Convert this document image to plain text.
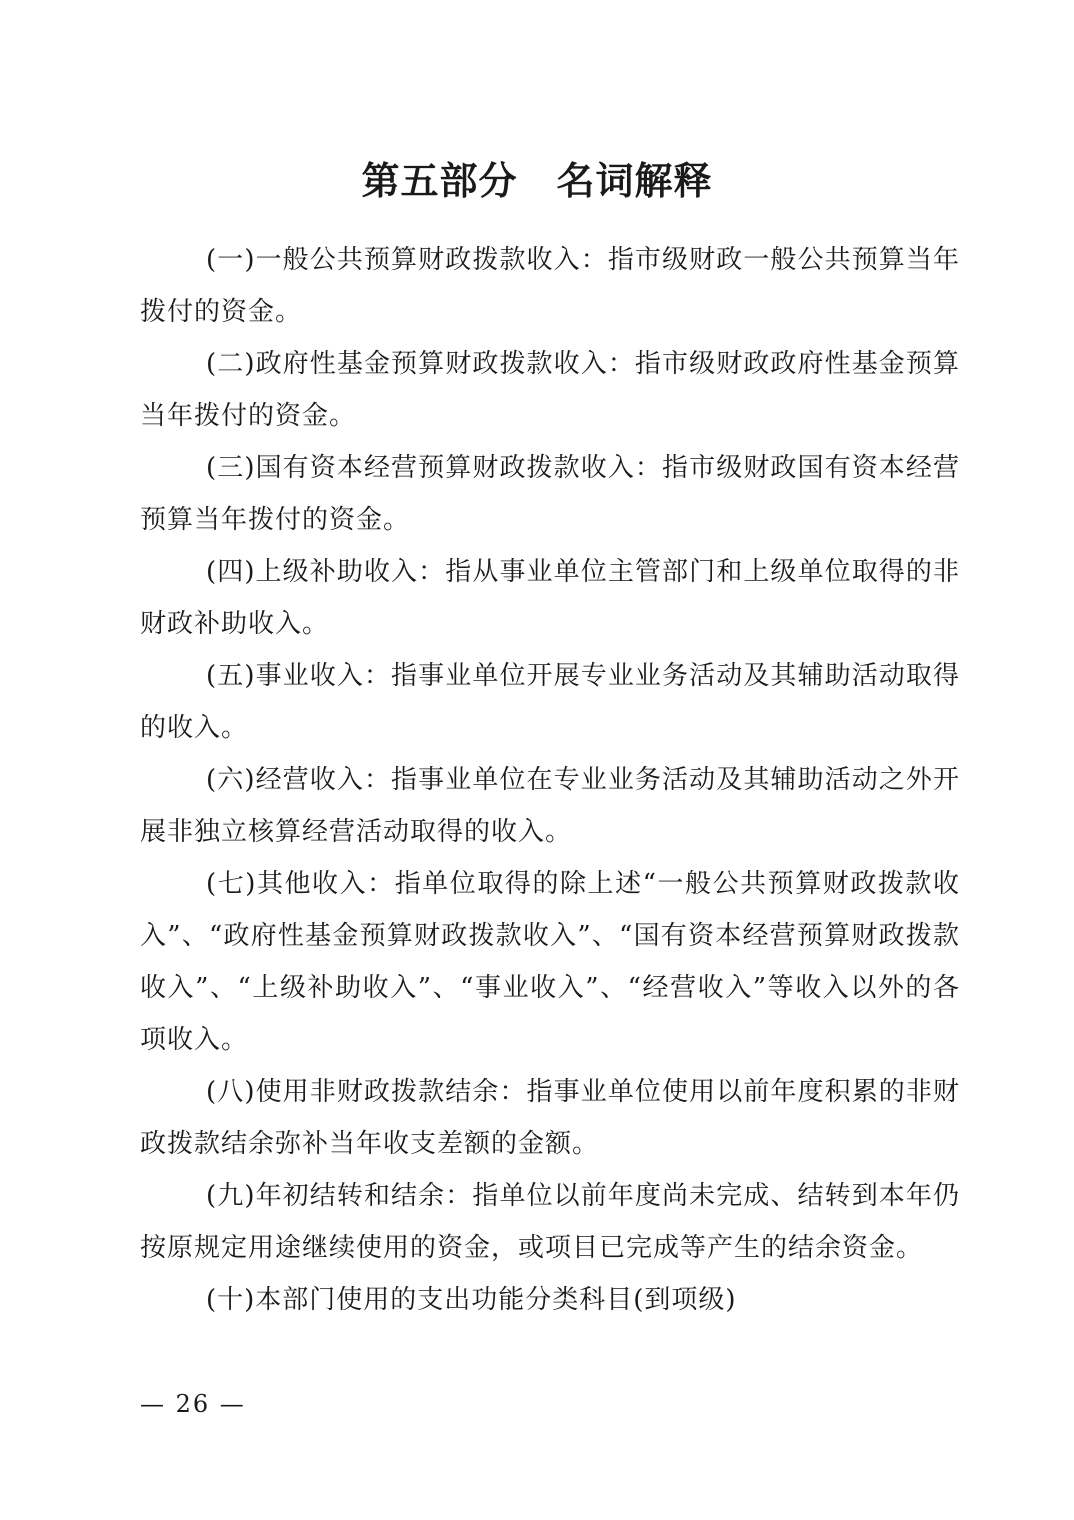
第五部分　名词解释

(一)一般公共预算财政拨款收入：指市级财政一般公共预算当年拨付的资金。

(二)政府性基金预算财政拨款收入：指市级财政政府性基金预算当年拨付的资金。

(三)国有资本经营预算财政拨款收入：指市级财政国有资本经营预算当年拨付的资金。

(四)上级补助收入：指从事业单位主管部门和上级单位取得的非财政补助收入。

(五)事业收入：指事业单位开展专业业务活动及其辅助活动取得的收入。

(六)经营收入：指事业单位在专业业务活动及其辅助活动之外开展非独立核算经营活动取得的收入。

(七)其他收入：指单位取得的除上述“一般公共预算财政拨款收入”、“政府性基金预算财政拨款收入”、“国有资本经营预算财政拨款收入”、“上级补助收入”、“事业收入”、“经营收入”等收入以外的各项收入。

(八)使用非财政拨款结余：指事业单位使用以前年度积累的非财政拨款结余弥补当年收支差额的金额。

(九)年初结转和结余：指单位以前年度尚未完成、结转到本年仍按原规定用途继续使用的资金，或项目已完成等产生的结余资金。

(十)本部门使用的支出功能分类科目(到项级)

— 26 —
